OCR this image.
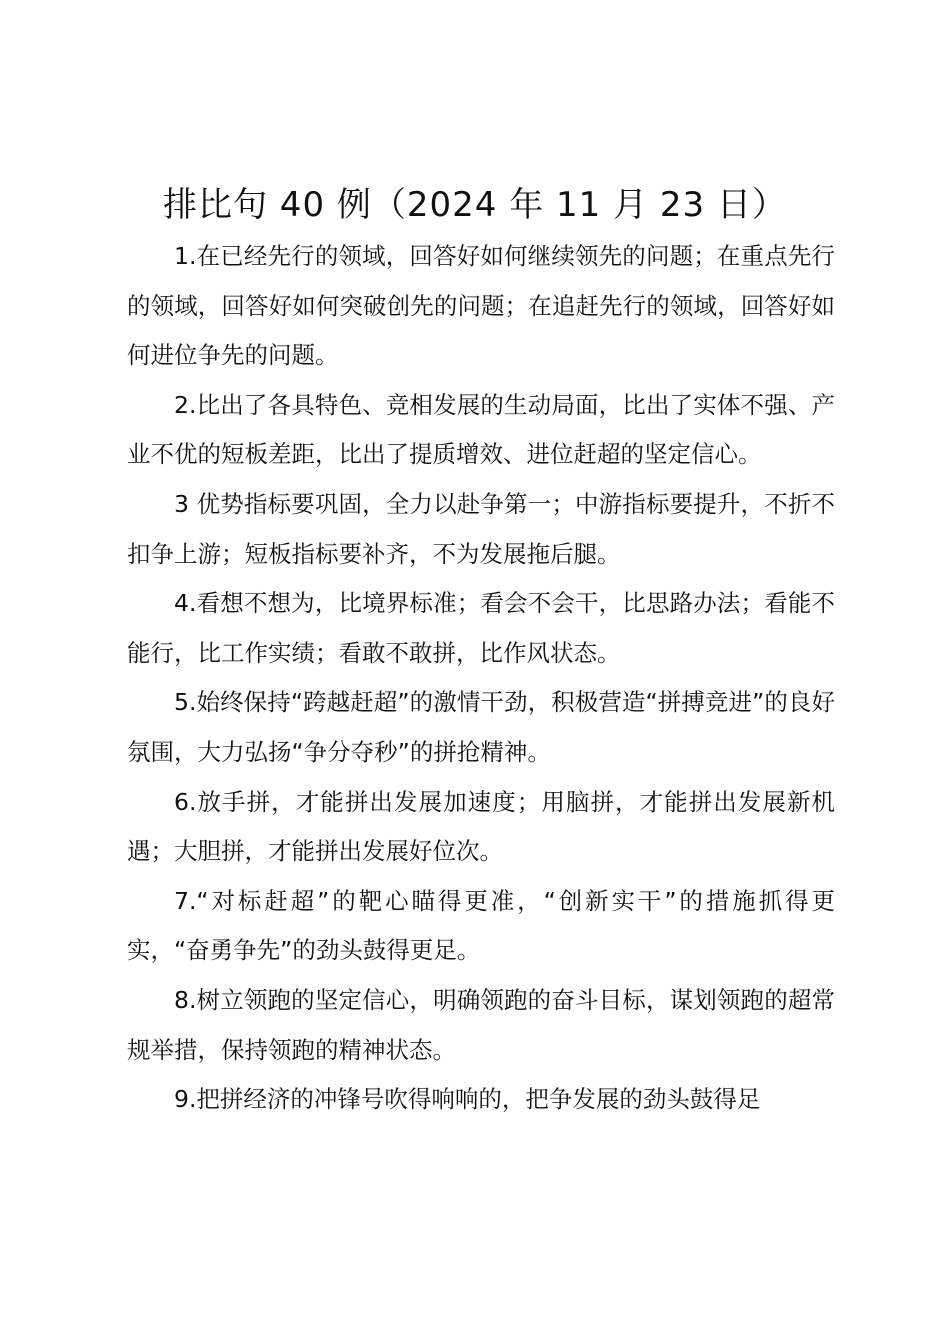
排比句 40 例（2024 年 11 月 23 日）

1.在已经先行的领域，回答好如何继续领先的问题；在重点先行的领域，回答好如何突破创先的问题；在追赶先行的领域，回答好如何进位争先的问题。

2.比出了各具特色、竞相发展的生动局面，比出了实体不强、产业不优的短板差距，比出了提质增效、进位赶超的坚定信心。

3 优势指标要巩固，全力以赴争第一；中游指标要提升，不折不扣争上游；短板指标要补齐，不为发展拖后腿。

4.看想不想为，比境界标准；看会不会干，比思路办法；看能不能行，比工作实绩；看敢不敢拼，比作风状态。

5.始终保持“跨越赶超”的激情干劲，积极营造“拼搏竞进”的良好氛围，大力弘扬“争分夺秒”的拼抢精神。

6.放手拼，才能拼出发展加速度；用脑拼，才能拼出发展新机遇；大胆拼，才能拼出发展好位次。

7.“对标赶超”的靶心瞄得更准，“创新实干”的措施抓得更实，“奋勇争先”的劲头鼓得更足。

8.树立领跑的坚定信心，明确领跑的奋斗目标，谋划领跑的超常规举措，保持领跑的精神状态。

9.把拼经济的冲锋号吹得响响的，把争发展的劲头鼓得足
